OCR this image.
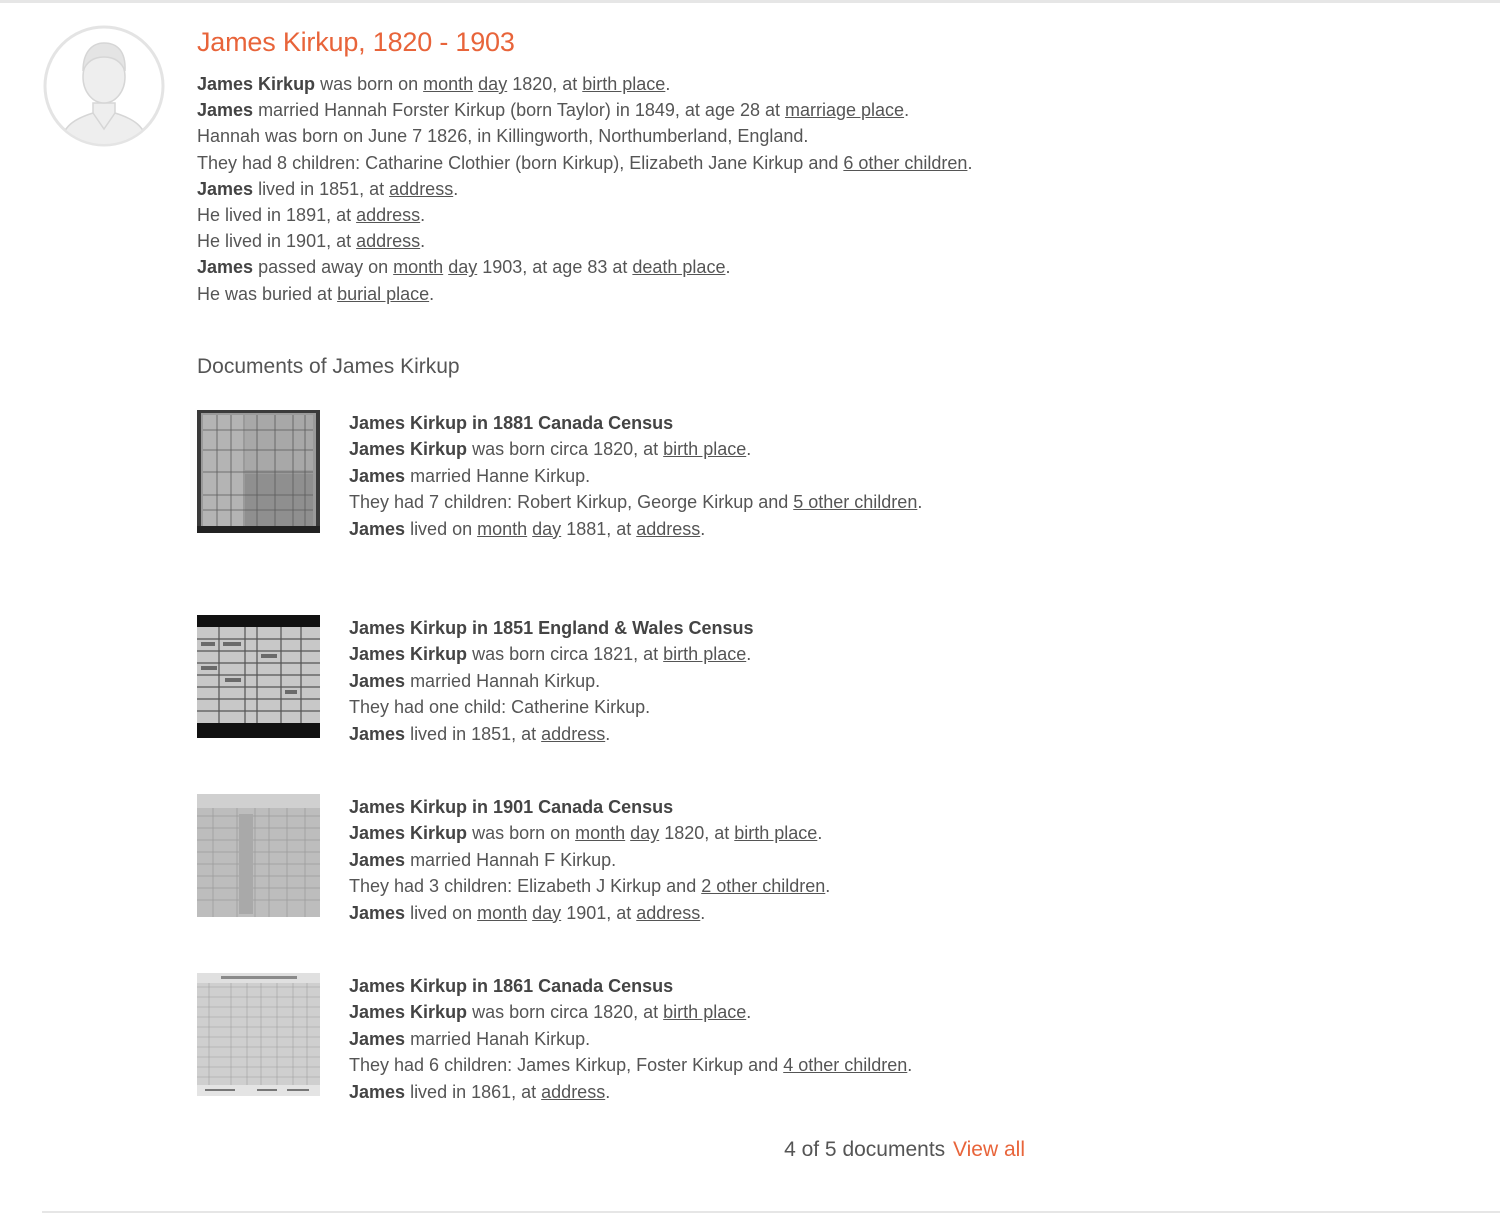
James Kirkup, 1820 - 1903
James Kirkup was born on month day 1820, at birth place.
James married Hannah Forster Kirkup (born Taylor) in 1849, at age 28 at marriage place.
Hannah was born on June 7 1826, in Killingworth, Northumberland, England.
They had 8 children: Catharine Clothier (born Kirkup), Elizabeth Jane Kirkup and 6 other children.
James lived in 1851, at address.
He lived in 1891, at address.
He lived in 1901, at address.
James passed away on month day 1903, at age 83 at death place.
He was buried at burial place.
Documents of James Kirkup
James Kirkup in 1881 Canada Census
James Kirkup was born circa 1820, at birth place.
James married Hanne Kirkup.
They had 7 children: Robert Kirkup, George Kirkup and 5 other children.
James lived on month day 1881, at address.
James Kirkup in 1851 England & Wales Census
James Kirkup was born circa 1821, at birth place.
James married Hannah Kirkup.
They had one child: Catherine Kirkup.
James lived in 1851, at address.
James Kirkup in 1901 Canada Census
James Kirkup was born on month day 1820, at birth place.
James married Hannah F Kirkup.
They had 3 children: Elizabeth J Kirkup and 2 other children.
James lived on month day 1901, at address.
James Kirkup in 1861 Canada Census
James Kirkup was born circa 1820, at birth place.
James married Hanah Kirkup.
They had 6 children: James Kirkup, Foster Kirkup and 4 other children.
James lived in 1861, at address.
4 of 5 documents View all
